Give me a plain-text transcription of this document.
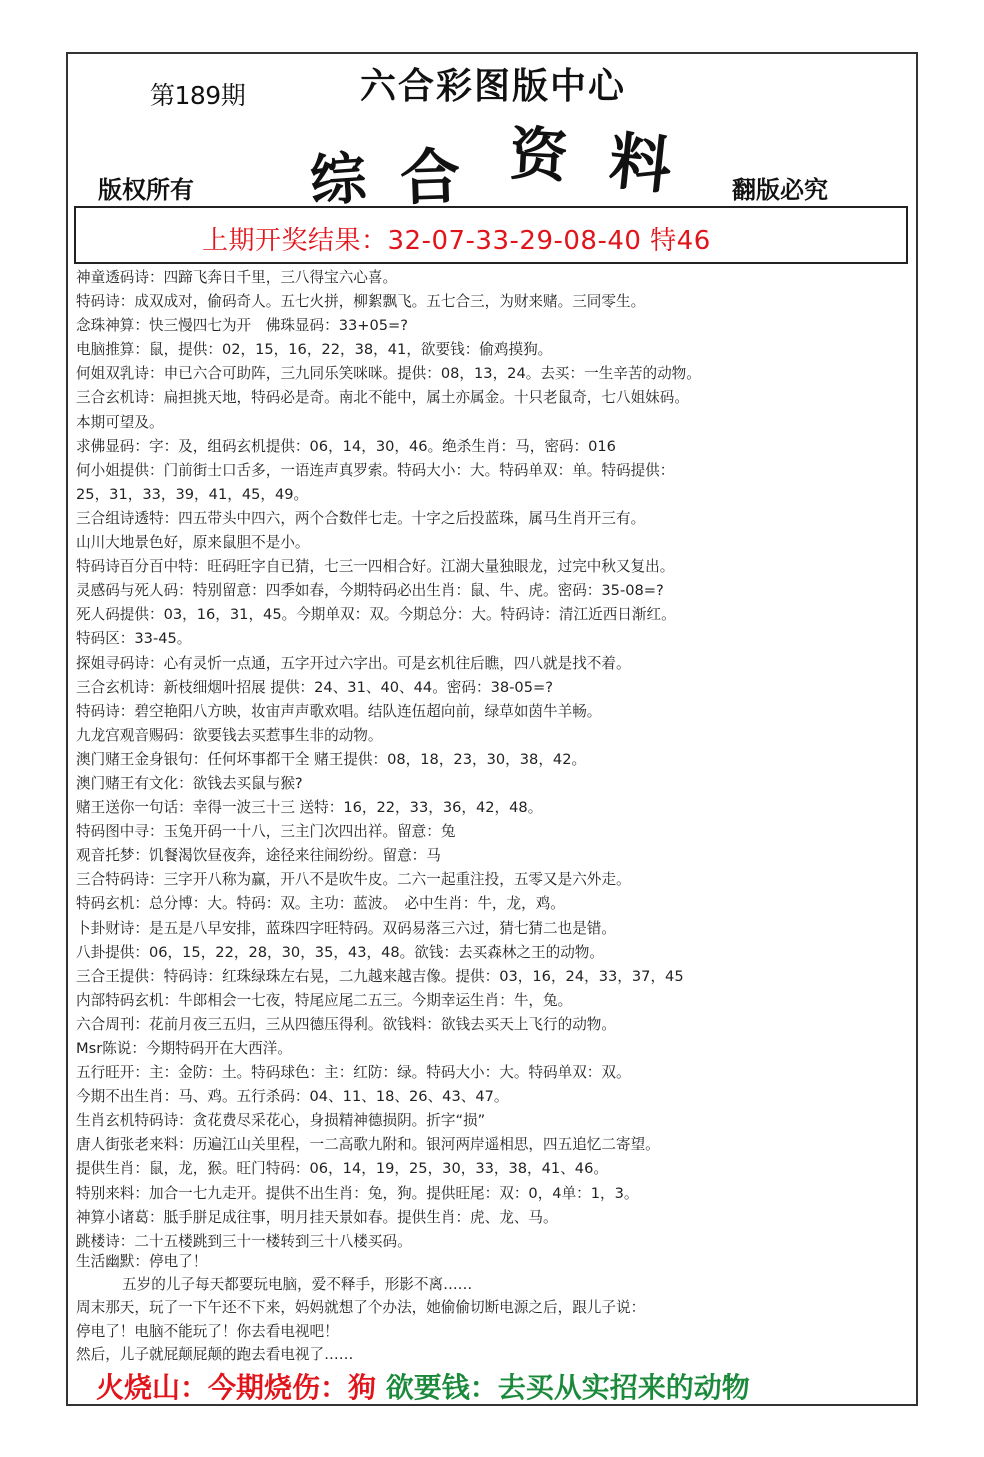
第189期	六合彩图版中心
综 合 资 料
版权所有	翻版必究
上期开奖结果：32-07-33-29-08-40 特46
神童透码诗：四蹄飞奔日千里，三八得宝六心喜。
特码诗：成双成对，偷码奇人。五七火拼，柳絮飘飞。五七合三，为财来赌。三同零生。
念珠神算：快三慢四七为开　佛珠显码：33+05=?
电脑推算：鼠，提供：02，15，16，22，38，41，欲要钱：偷鸡摸狗。
何姐双乳诗：申已六合可助阵，三九同乐笑咪咪。提供：08，13，24。去买：一生辛苦的动物。
三合玄机诗：扁担挑天地，特码必是奇。南北不能中，属土亦属金。十只老鼠奇，七八姐妹码。
本期可望及。
求佛显码：字：及，组码玄机提供：06，14，30，46。绝杀生肖：马，密码：016
何小姐提供：门前街士口舌多，一语连声真罗索。特码大小：大。特码单双：单。特码提供：
25，31，33，39，41，45，49。
三合组诗透特：四五带头中四六，两个合数伴七走。十字之后投蓝珠，属马生肖开三有。
山川大地景色好，原来鼠胆不是小。
特码诗百分百中特：旺码旺字自已猜，七三一四相合好。江湖大量独眼龙，过完中秋又复出。
灵感码与死人码：特别留意：四季如春，今期特码必出生肖：鼠、牛、虎。密码：35-08=?
死人码提供：03，16，31，45。今期单双：双。今期总分：大。特码诗：清江近西日渐红。
特码区：33-45。
探姐寻码诗：心有灵忻一点通，五字开过六字出。可是玄机往后瞧，四八就是找不着。
三合玄机诗：新枝细烟叶招展 提供：24、31、40、44。密码：38-05=?
特码诗：碧空艳阳八方映，妆宙声声歌欢唱。结队连伍超向前，绿草如茵牛羊畅。
九龙宫观音赐码：欲要钱去买惹事生非的动物。
澳门赌王金身银句：任何坏事都干全 赌王提供：08，18，23，30，38，42。
澳门赌王有文化：欲钱去买鼠与猴?
赌王送你一句话：幸得一波三十三 送特：16，22，33，36，42，48。
特码图中寻：玉兔开码一十八，三主门次四出祥。留意：兔
观音托梦：饥餐渴饮昼夜奔，途径来往闹纷纷。留意：马
三合特码诗：三字开八称为赢，开八不是吹牛皮。二六一起重注投，五零又是六外走。
特码玄机：总分博：大。特码：双。主功：蓝波。　必中生肖：牛，龙，鸡。
卜卦财诗：是五是八早安排，蓝珠四字旺特码。双码易落三六过，猜七猜二也是错。
八卦提供：06，15，22，28，30，35，43，48。欲钱：去买森林之王的动物。
三合王提供：特码诗：红珠绿珠左右晃，二九越来越吉像。提供：03，16，24，33，37，45
内部特码玄机：牛郎相会一七夜，特尾应尾二五三。今期幸运生肖：牛，兔。
六合周刊：花前月夜三五归，三从四德压得利。欲钱料：欲钱去买天上飞行的动物。
Msr陈说：今期特码开在大西洋。
五行旺开：主：金防：土。特码球色：主：红防：绿。特码大小：大。特码单双：双。
今期不出生肖：马、鸡。五行杀码：04、11、18、26、43、47。
生肖玄机特码诗：贪花费尽采花心，身损精神德损阴。折字“损”
唐人街张老来料：历遍江山关里程，一二高歌九附和。银河两岸遥相思，四五追忆二寄望。
提供生肖：鼠，龙，猴。旺门特码：06，14，19，25，30，33，38，41、46。
特别来料：加合一七九走开。提供不出生肖：兔，狗。提供旺尾：双：0，4单：1，3。
神算小诸葛：胝手胼足成往事，明月挂天景如春。提供生肖：虎、龙、马。
跳楼诗：二十五楼跳到三十一楼转到三十八楼买码。
生活幽默：停电了！
五岁的儿子每天都要玩电脑，爱不释手，形影不离……
周末那天，玩了一下午还不下来，妈妈就想了个办法，她偷偷切断电源之后，跟儿子说：
停电了！电脑不能玩了！你去看电视吧！
然后，儿子就屁颠屁颠的跑去看电视了……
火烧山：今期烧伤：狗 欲要钱：去买从实招来的动物
